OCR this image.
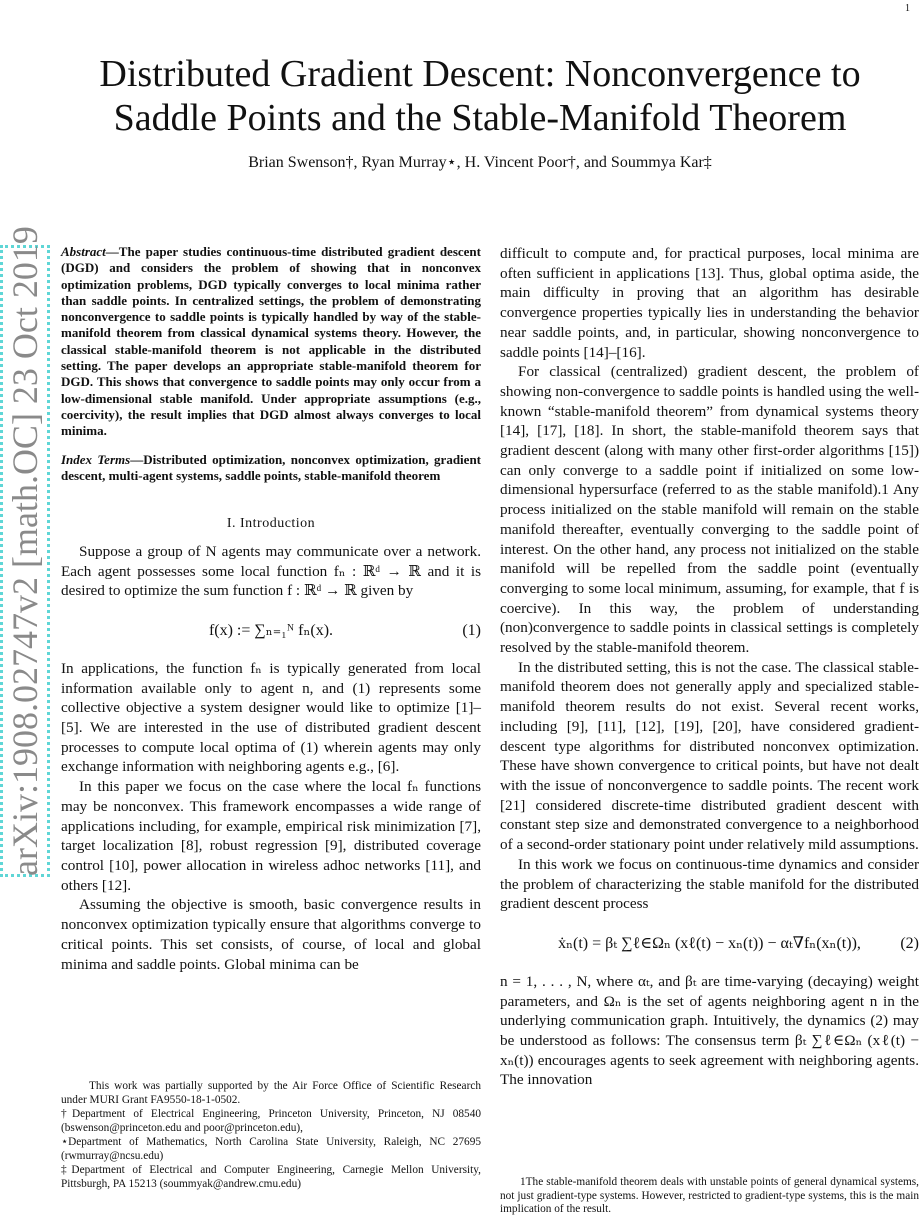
1
arXiv:1908.02747v2 [math.OC] 23 Oct 2019
Distributed Gradient Descent: Nonconvergence to Saddle Points and the Stable-Manifold Theorem
Brian Swenson†, Ryan Murray⋆, H. Vincent Poor†, and Soummya Kar‡

Abstract—The paper studies continuous-time distributed gradient descent (DGD) and considers the problem of showing that in nonconvex optimization problems, DGD typically converges to local minima rather than saddle points. In centralized settings, the problem of demonstrating nonconvergence to saddle points is typically handled by way of the stable-manifold theorem from classical dynamical systems theory. However, the classical stable-manifold theorem is not applicable in the distributed setting. The paper develops an appropriate stable-manifold theorem for DGD. This shows that convergence to saddle points may only occur from a low-dimensional stable manifold. Under appropriate assumptions (e.g., coercivity), the result implies that DGD almost always converges to local minima.

Index Terms—Distributed optimization, nonconvex optimization, gradient descent, multi-agent systems, saddle points, stable-manifold theorem

I. Introduction

Suppose a group of N agents may communicate over a network. Each agent possesses some local function fₙ : ℝᵈ → ℝ and it is desired to optimize the sum function f : ℝᵈ → ℝ given by

f(x) := ∑ₙ₌₁ᴺ fₙ(x).	(1)

In applications, the function fₙ is typically generated from local information available only to agent n, and (1) represents some collective objective a system designer would like to optimize [1]–[5]. We are interested in the use of distributed gradient descent processes to compute local optima of (1) wherein agents may only exchange information with neighboring agents e.g., [6].

In this paper we focus on the case where the local fₙ functions may be nonconvex. This framework encompasses a wide range of applications including, for example, empirical risk minimization [7], target localization [8], robust regression [9], distributed coverage control [10], power allocation in wireless adhoc networks [11], and others [12].

Assuming the objective is smooth, basic convergence results in nonconvex optimization typically ensure that algorithms converge to critical points. This set consists, of course, of local and global minima and saddle points. Global minima can be

This work was partially supported by the Air Force Office of Scientific Research under MURI Grant FA9550-18-1-0502.

†Department of Electrical Engineering, Princeton University, Princeton, NJ 08540 (bswenson@princeton.edu and poor@princeton.edu),

⋆Department of Mathematics, North Carolina State University, Raleigh, NC 27695 (rwmurray@ncsu.edu)

‡Department of Electrical and Computer Engineering, Carnegie Mellon University, Pittsburgh, PA 15213 (soummyak@andrew.cmu.edu)

difficult to compute and, for practical purposes, local minima are often sufficient in applications [13]. Thus, global optima aside, the main difficulty in proving that an algorithm has desirable convergence properties typically lies in understanding the behavior near saddle points, and, in particular, showing nonconvergence to saddle points [14]–[16].

For classical (centralized) gradient descent, the problem of showing non-convergence to saddle points is handled using the well-known “stable-manifold theorem” from dynamical systems theory [14], [17], [18]. In short, the stable-manifold theorem says that gradient descent (along with many other first-order algorithms [15]) can only converge to a saddle point if initialized on some low-dimensional hypersurface (referred to as the stable manifold).1 Any process initialized on the stable manifold will remain on the stable manifold thereafter, eventually converging to the saddle point of interest. On the other hand, any process not initialized on the stable manifold will be repelled from the saddle point (eventually converging to some local minimum, assuming, for example, that f is coercive). In this way, the problem of understanding (non)convergence to saddle points in classical settings is completely resolved by the stable-manifold theorem.

In the distributed setting, this is not the case. The classical stable-manifold theorem does not generally apply and specialized stable-manifold theorem results do not exist. Several recent works, including [9], [11], [12], [19], [20], have considered gradient-descent type algorithms for distributed nonconvex optimization. These have shown convergence to critical points, but have not dealt with the issue of nonconvergence to saddle points. The recent work [21] considered discrete-time distributed gradient descent with constant step size and demonstrated convergence to a neighborhood of a second-order stationary point under relatively mild assumptions.

In this work we focus on continuous-time dynamics and consider the problem of characterizing the stable manifold for the distributed gradient descent process

ẋₙ(t) = βₜ ∑ℓ∈Ωₙ (xℓ(t) − xₙ(t)) − αₜ∇fₙ(xₙ(t)),	(2)

n = 1, . . . , N, where αₜ, and βₜ are time-varying (decaying) weight parameters, and Ωₙ is the set of agents neighboring agent n in the underlying communication graph. Intuitively, the dynamics (2) may be understood as follows: The consensus term βₜ ∑ℓ∈Ωₙ (xℓ(t) − xₙ(t)) encourages agents to seek agreement with neighboring agents. The innovation

1The stable-manifold theorem deals with unstable points of general dynamical systems, not just gradient-type systems. However, restricted to gradient-type systems, this is the main implication of the result.
